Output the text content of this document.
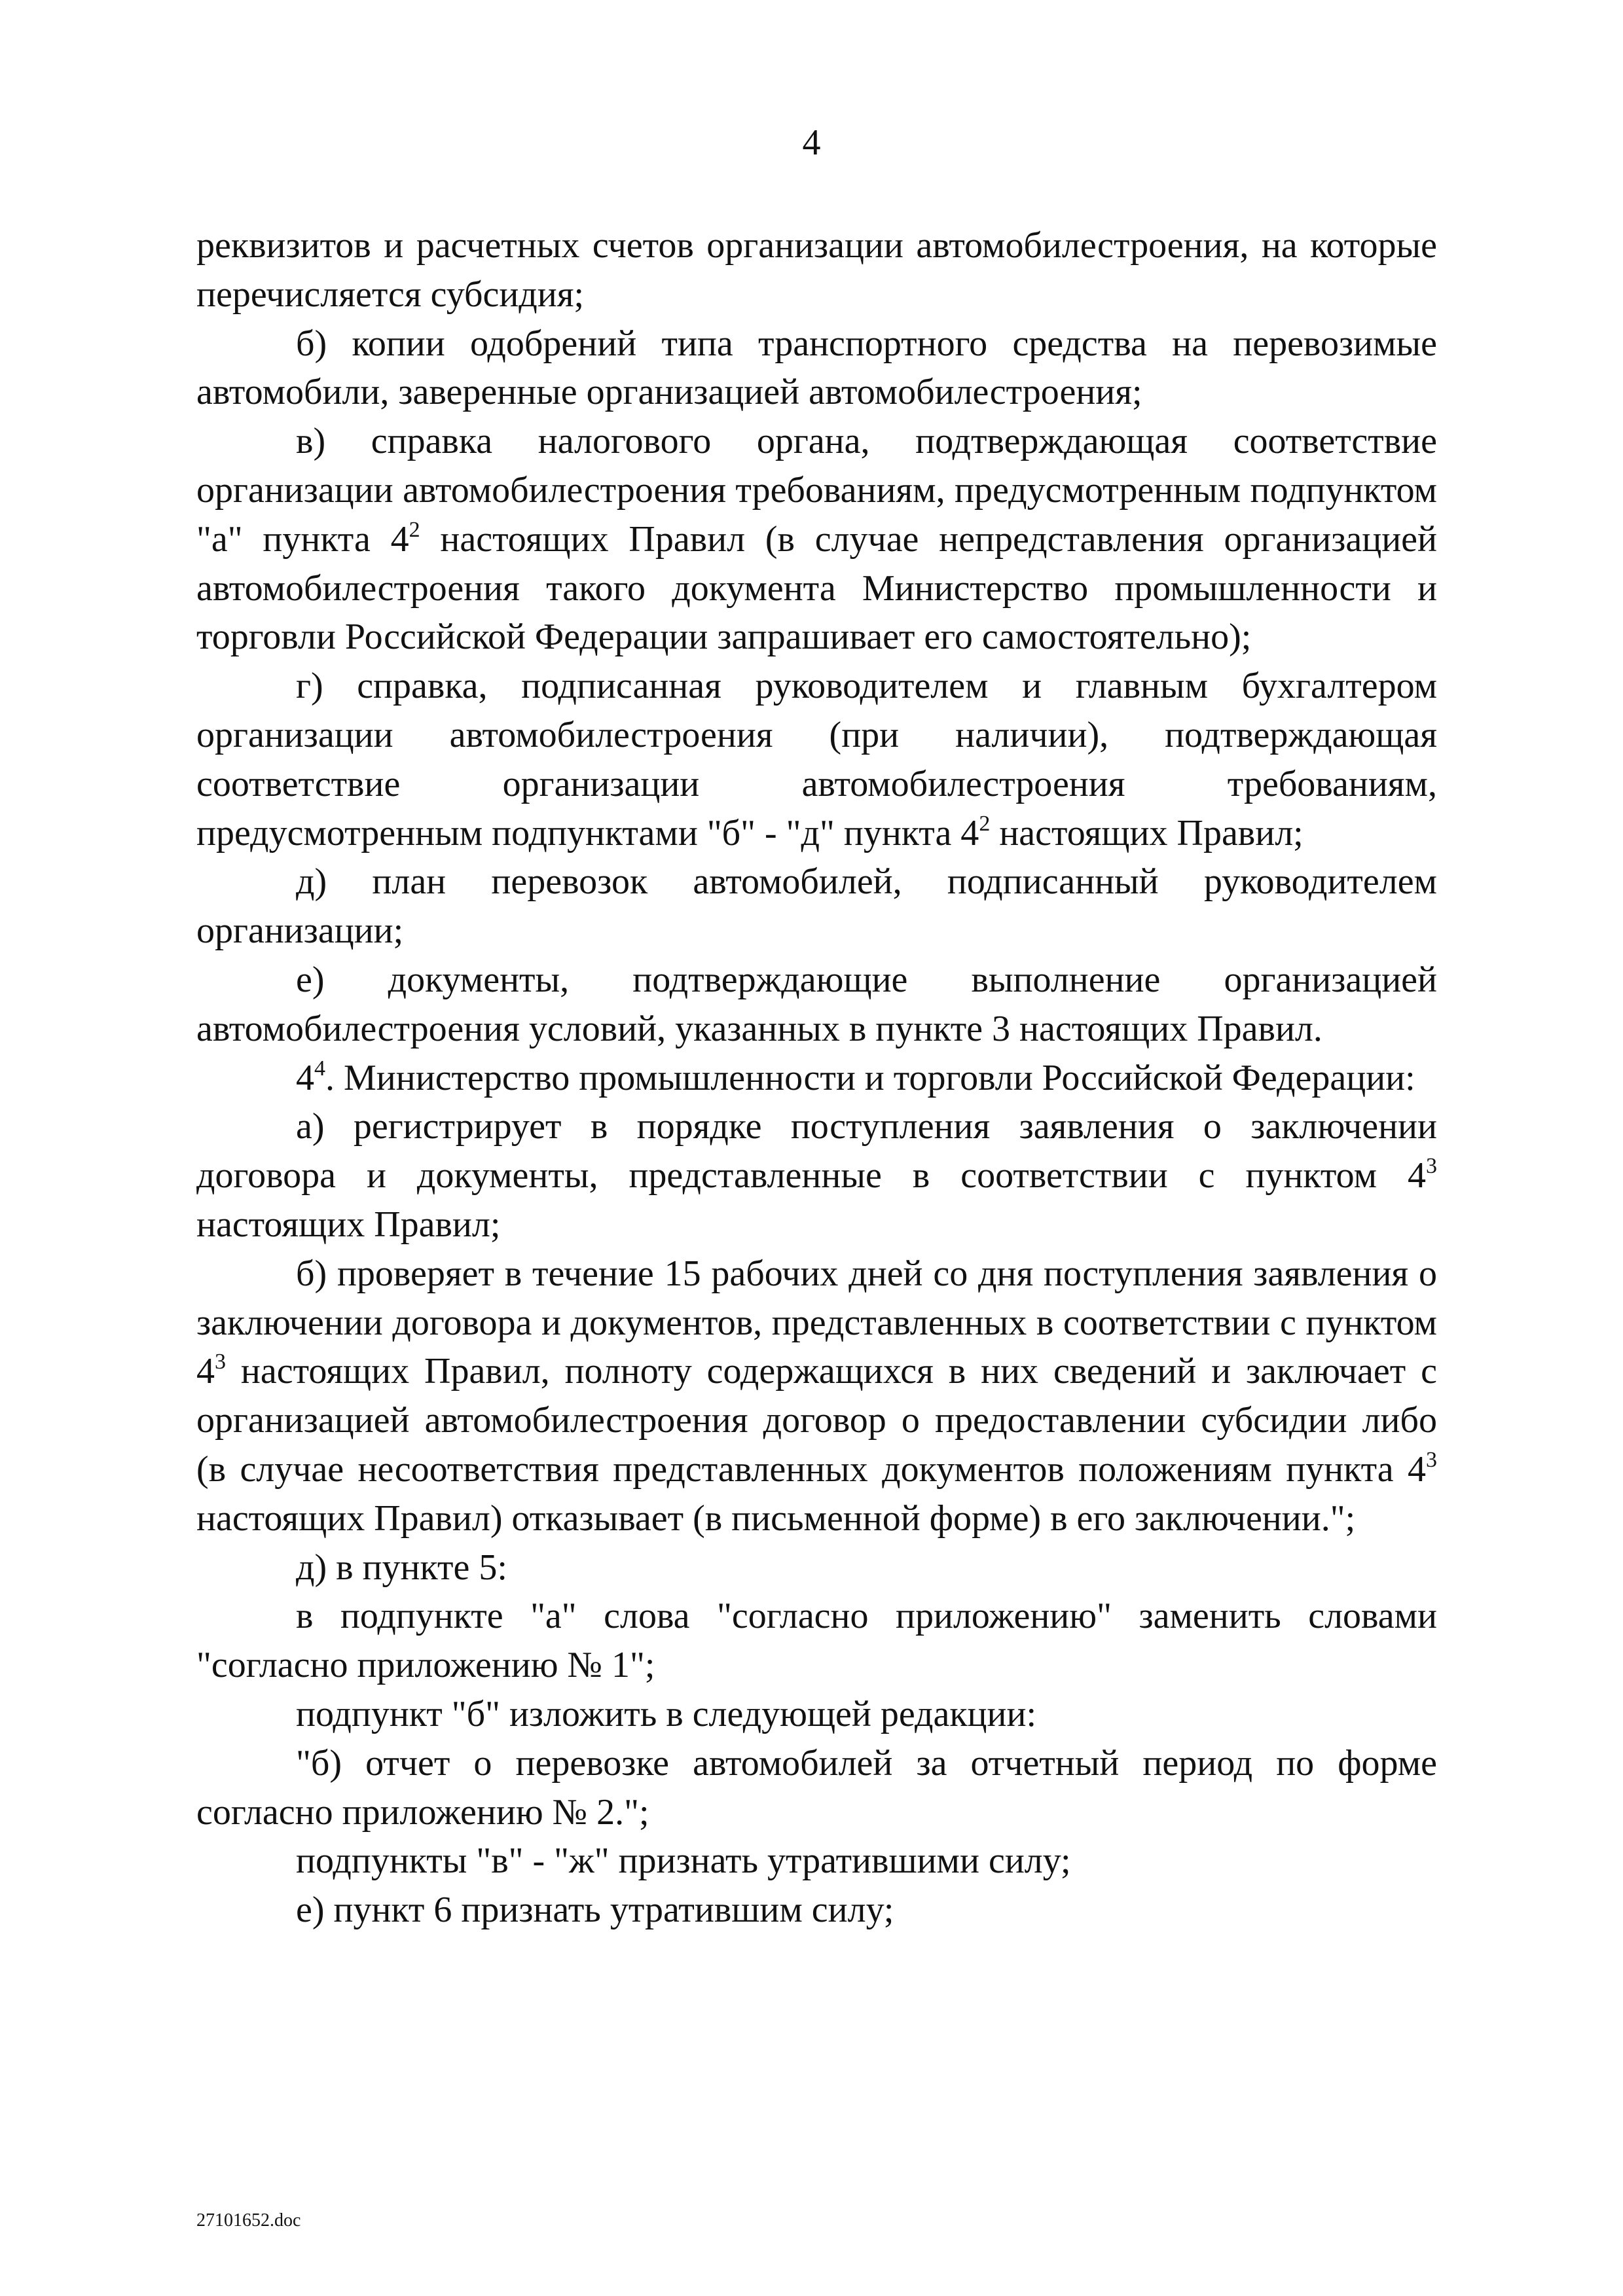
4

реквизитов и расчетных счетов организации автомобилестроения, на которые перечисляется субсидия;

б) копии одобрений типа транспортного средства на перевозимые автомобили, заверенные организацией автомобилестроения;

в) справка налогового органа, подтверждающая соответствие организации автомобилестроения требованиям, предусмотренным подпунктом "а" пункта $4^2$ настоящих Правил (в случае непредставления организацией автомобилестроения такого документа Министерство промышленности и торговли Российской Федерации запрашивает его самостоятельно);

г) справка, подписанная руководителем и главным бухгалтером организации автомобилестроения (при наличии), подтверждающая соответствие организации автомобилестроения требованиям, предусмотренным подпунктами "б" - "д" пункта $4^2$ настоящих Правил;

д) план перевозок автомобилей, подписанный руководителем организации;

е) документы, подтверждающие выполнение организацией автомобилестроения условий, указанных в пункте 3 настоящих Правил.

$4^4$. Министерство промышленности и торговли Российской Федерации:

а) регистрирует в порядке поступления заявления о заключении договора и документы, представленные в соответствии с пунктом $4^3$ настоящих Правил;

б) проверяет в течение 15 рабочих дней со дня поступления заявления о заключении договора и документов, представленных в соответствии с пунктом $4^3$ настоящих Правил, полноту содержащихся в них сведений и заключает с организацией автомобилестроения договор о предоставлении субсидии либо (в случае несоответствия представленных документов положениям пункта $4^3$ настоящих Правил) отказывает (в письменной форме) в его заключении.";

д) в пункте 5:

в подпункте "а" слова "согласно приложению" заменить словами "согласно приложению № 1";

подпункт "б" изложить в следующей редакции:

"б) отчет о перевозке автомобилей за отчетный период по форме согласно приложению № 2.";

подпункты "в" - "ж" признать утратившими силу;

е) пункт 6 признать утратившим силу;

27101652.doc
